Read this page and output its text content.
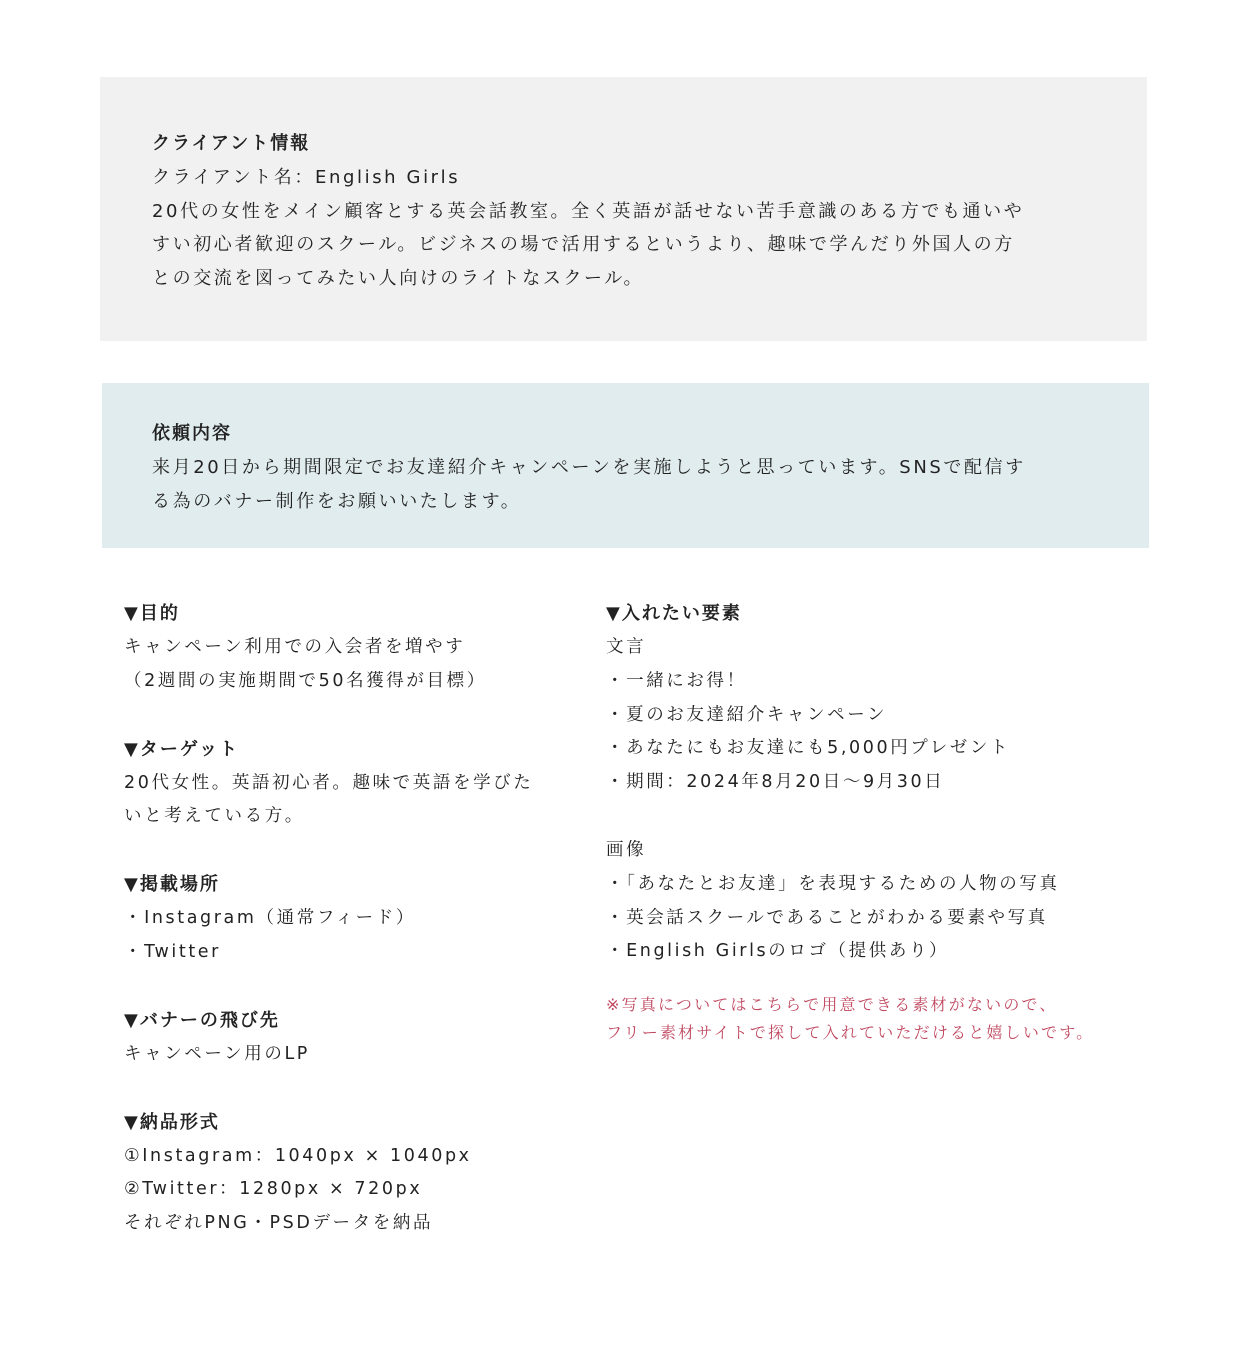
クライアント情報
クライアント名：English Girls
20代の女性をメイン顧客とする英会話教室。全く英語が話せない苦手意識のある方でも通いや
すい初心者歓迎のスクール。ビジネスの場で活用するというより、趣味で学んだり外国人の方
との交流を図ってみたい人向けのライトなスクール。
依頼内容
来月20日から期間限定でお友達紹介キャンペーンを実施しようと思っています。SNSで配信す
る為のバナー制作をお願いいたします。
▼目的
キャンペーン利用での入会者を増やす
（2週間の実施期間で50名獲得が目標）
▼ターゲット
20代女性。英語初心者。趣味で英語を学びた
いと考えている方。
▼掲載場所
・Instagram（通常フィード）
・Twitter
▼バナーの飛び先
キャンペーン用のLP
▼納品形式
①Instagram：1040px × 1040px
②Twitter：1280px × 720px
それぞれPNG・PSDデータを納品
▼入れたい要素
文言
・一緒にお得！
・夏のお友達紹介キャンペーン
・あなたにもお友達にも5,000円プレゼント
・期間：2024年8月20日〜9月30日
画像
・「あなたとお友達」を表現するための人物の写真
・英会話スクールであることがわかる要素や写真
・English Girlsのロゴ（提供あり）
※写真についてはこちらで用意できる素材がないので、
フリー素材サイトで探して入れていただけると嬉しいです。
